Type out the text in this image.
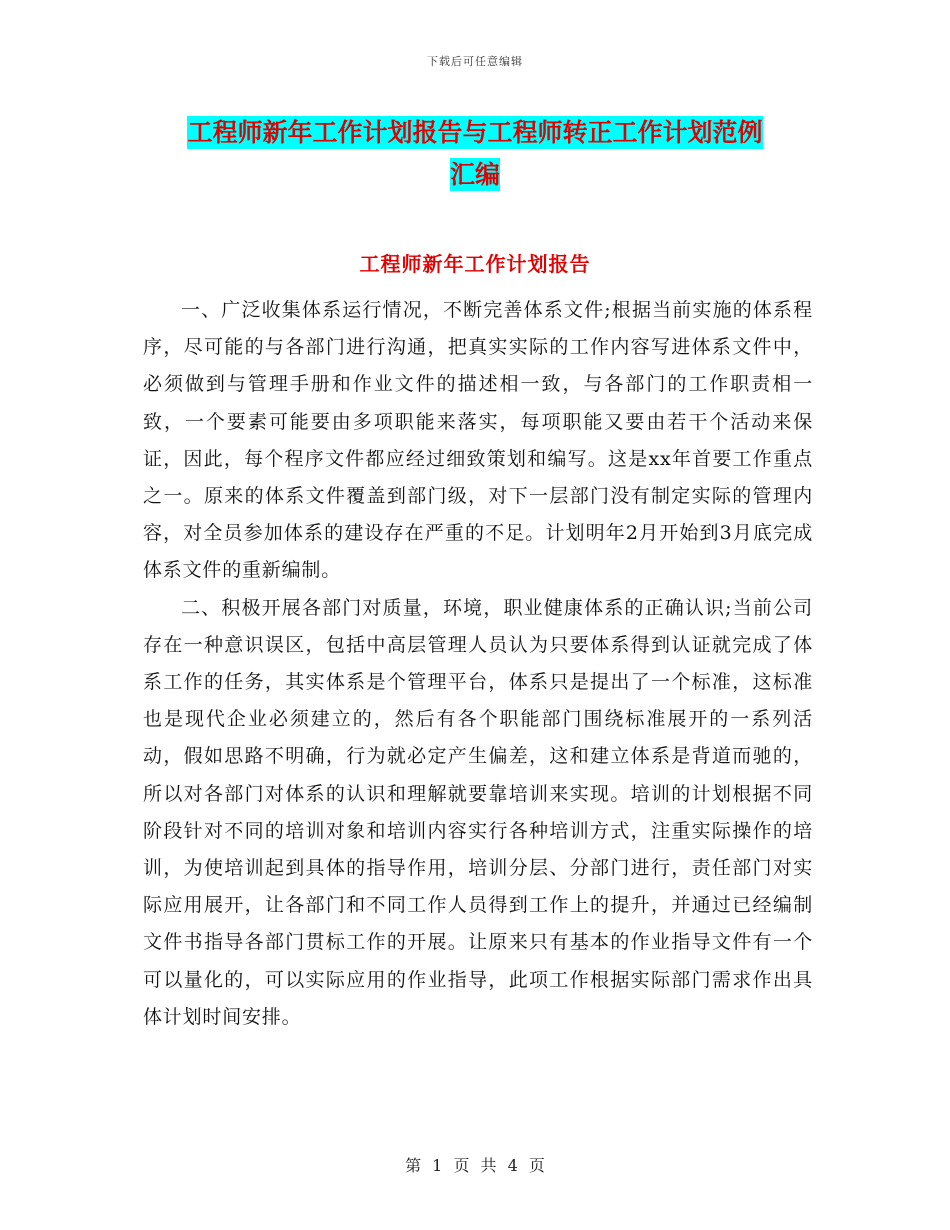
下载后可任意编辑
工程师新年工作计划报告与工程师转正工作计划范例
汇编
工程师新年工作计划报告

一、广泛收集体系运行情况，不断完善体系文件;根据当前实施的体系程序，尽可能的与各部门进行沟通，把真实实际的工作内容写进体系文件中，必须做到与管理手册和作业文件的描述相一致，与各部门的工作职责相一致，一个要素可能要由多项职能来落实，每项职能又要由若干个活动来保证，因此，每个程序文件都应经过细致策划和编写。这是xx年首要工作重点之一。原来的体系文件覆盖到部门级，对下一层部门没有制定实际的管理内容，对全员参加体系的建设存在严重的不足。计划明年2月开始到3月底完成体系文件的重新编制。

二、积极开展各部门对质量，环境，职业健康体系的正确认识;当前公司存在一种意识误区，包括中高层管理人员认为只要体系得到认证就完成了体系工作的任务，其实体系是个管理平台，体系只是提出了一个标准，这标准也是现代企业必须建立的，然后有各个职能部门围绕标准展开的一系列活动，假如思路不明确，行为就必定产生偏差，这和建立体系是背道而驰的，所以对各部门对体系的认识和理解就要靠培训来实现。培训的计划根据不同阶段针对不同的培训对象和培训内容实行各种培训方式，注重实际操作的培训，为使培训起到具体的指导作用，培训分层、分部门进行，责任部门对实际应用展开，让各部门和不同工作人员得到工作上的提升，并通过已经编制文件书指导各部门贯标工作的开展。让原来只有基本的作业指导文件有一个可以量化的，可以实际应用的作业指导，此项工作根据实际部门需求作出具体计划时间安排。

第 1 页 共 4 页
